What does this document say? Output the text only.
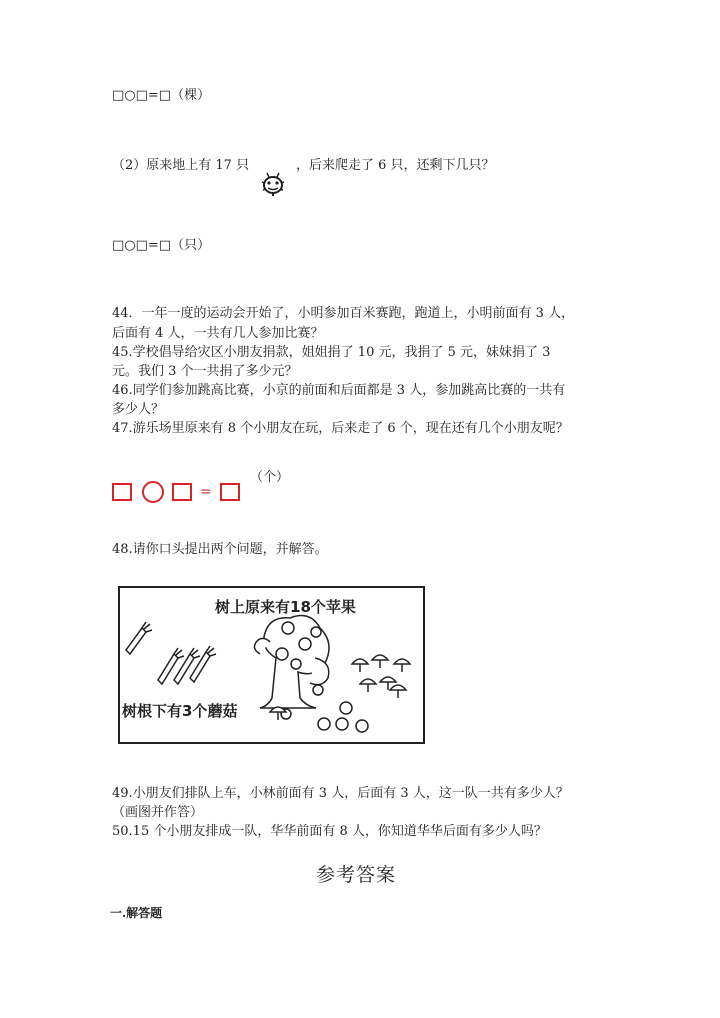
□○□=□（棵）
（2）原来地上有 17 只	，后来爬走了 6 只，还剩下几只？
□○□=□（只）
44．一年一度的运动会开始了，小明参加百米赛跑，跑道上，小明前面有 3 人，
后面有 4 人，一共有几人参加比赛？
45.学校倡导给灾区小朋友捐款，姐姐捐了 10 元，我捐了 5 元，妹妹捐了 3
元。我们 3 个一共捐了多少元？
46.同学们参加跳高比赛，小京的前面和后面都是 3 人，参加跳高比赛的一共有
多少人？
47.游乐场里原来有 8 个小朋友在玩，后来走了 6 个，现在还有几个小朋友呢？
=
（个）
48.请你口头提出两个问题，并解答。
树上原来有18个苹果
树根下有3个蘑菇
49.小朋友们排队上车，小林前面有 3 人，后面有 3 人，这一队一共有多少人？
（画图并作答）
50.15 个小朋友排成一队，华华前面有 8 人，你知道华华后面有多少人吗？
参考答案
一.解答题
